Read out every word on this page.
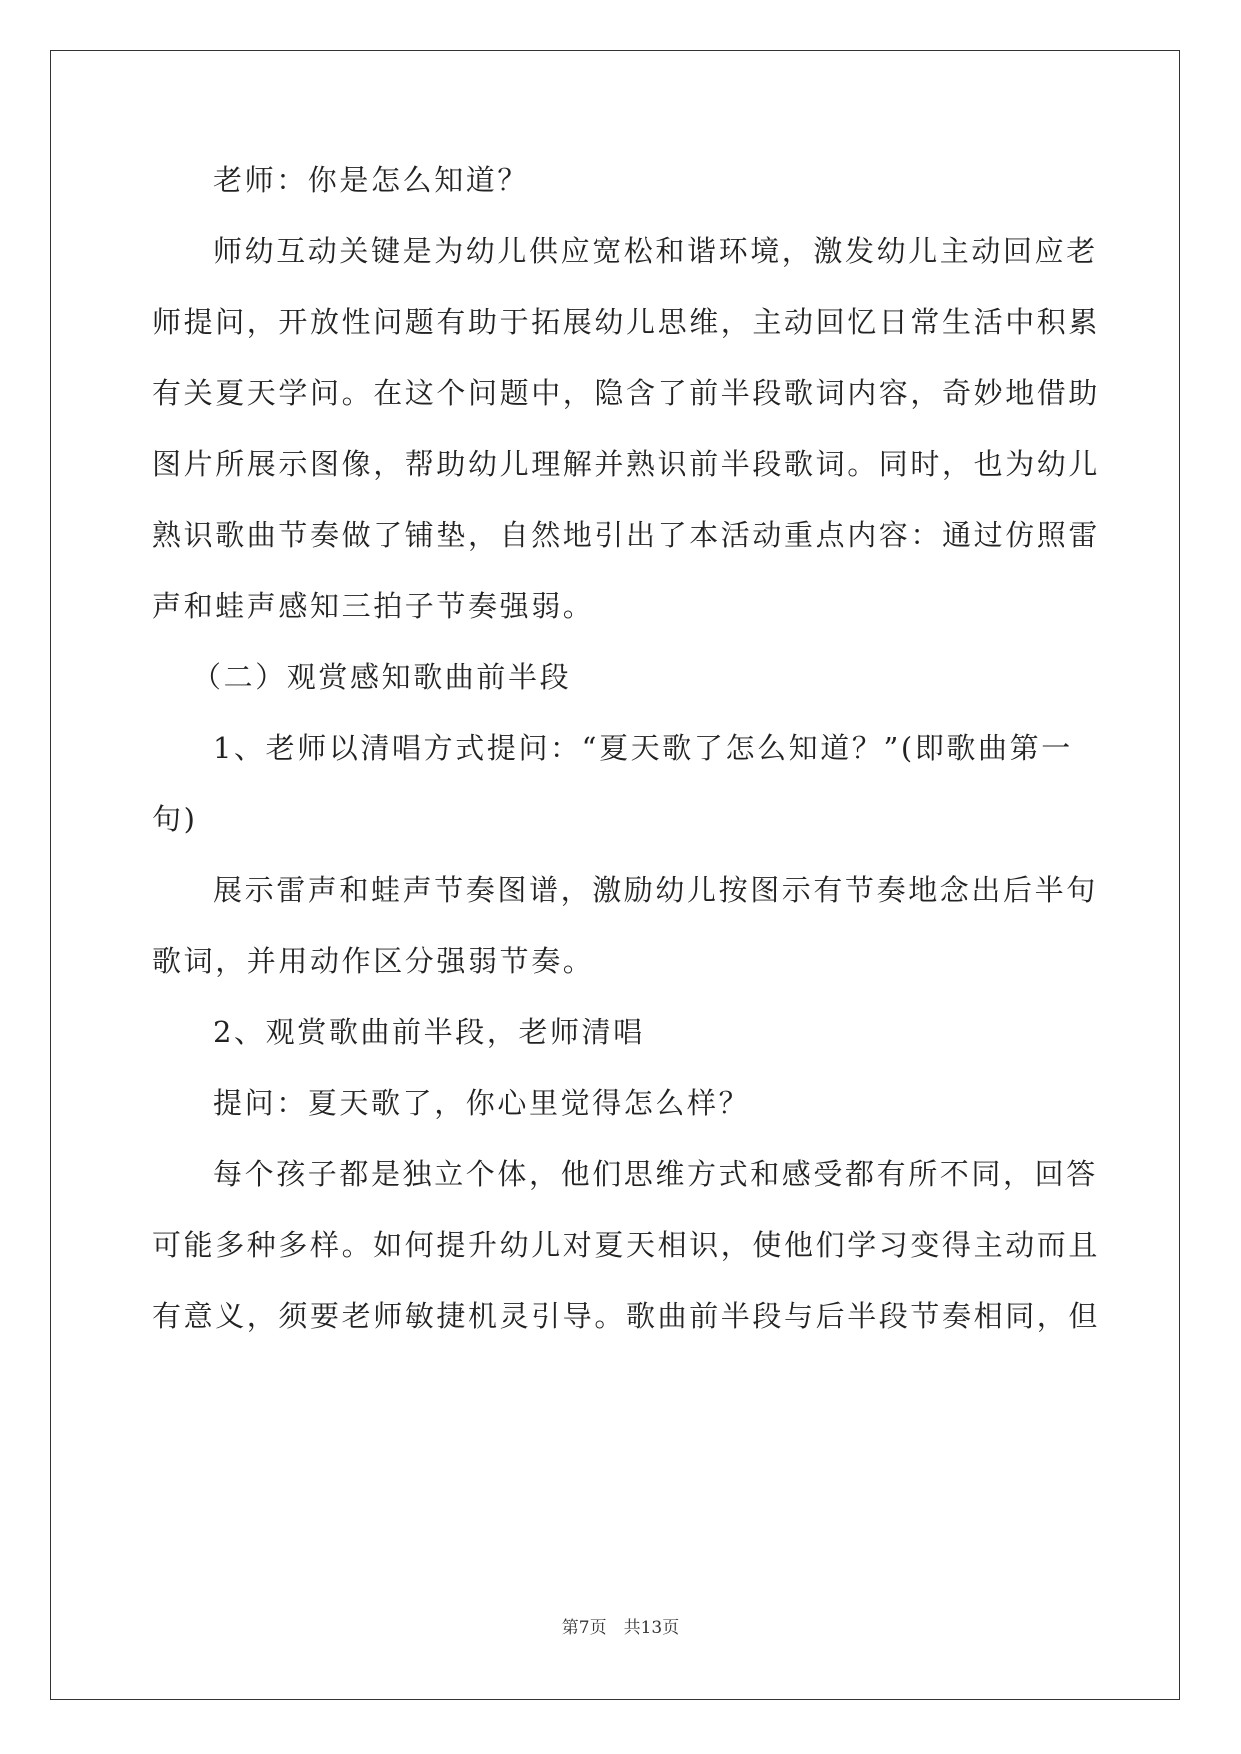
老师：你是怎么知道？
师幼互动关键是为幼儿供应宽松和谐环境，激发幼儿主动回应老
师提问，开放性问题有助于拓展幼儿思维，主动回忆日常生活中积累
有关夏天学问。在这个问题中，隐含了前半段歌词内容，奇妙地借助
图片所展示图像，帮助幼儿理解并熟识前半段歌词。同时，也为幼儿
熟识歌曲节奏做了铺垫，自然地引出了本活动重点内容：通过仿照雷
声和蛙声感知三拍子节奏强弱。
（二）观赏感知歌曲前半段
1、老师以清唱方式提问：“夏天歌了怎么知道？”(即歌曲第一
句)
展示雷声和蛙声节奏图谱，激励幼儿按图示有节奏地念出后半句
歌词，并用动作区分强弱节奏。
2、观赏歌曲前半段，老师清唱
提问：夏天歌了，你心里觉得怎么样？
每个孩子都是独立个体，他们思维方式和感受都有所不同，回答
可能多种多样。如何提升幼儿对夏天相识，使他们学习变得主动而且
有意义，须要老师敏捷机灵引导。歌曲前半段与后半段节奏相同，但
第7页　共13页
